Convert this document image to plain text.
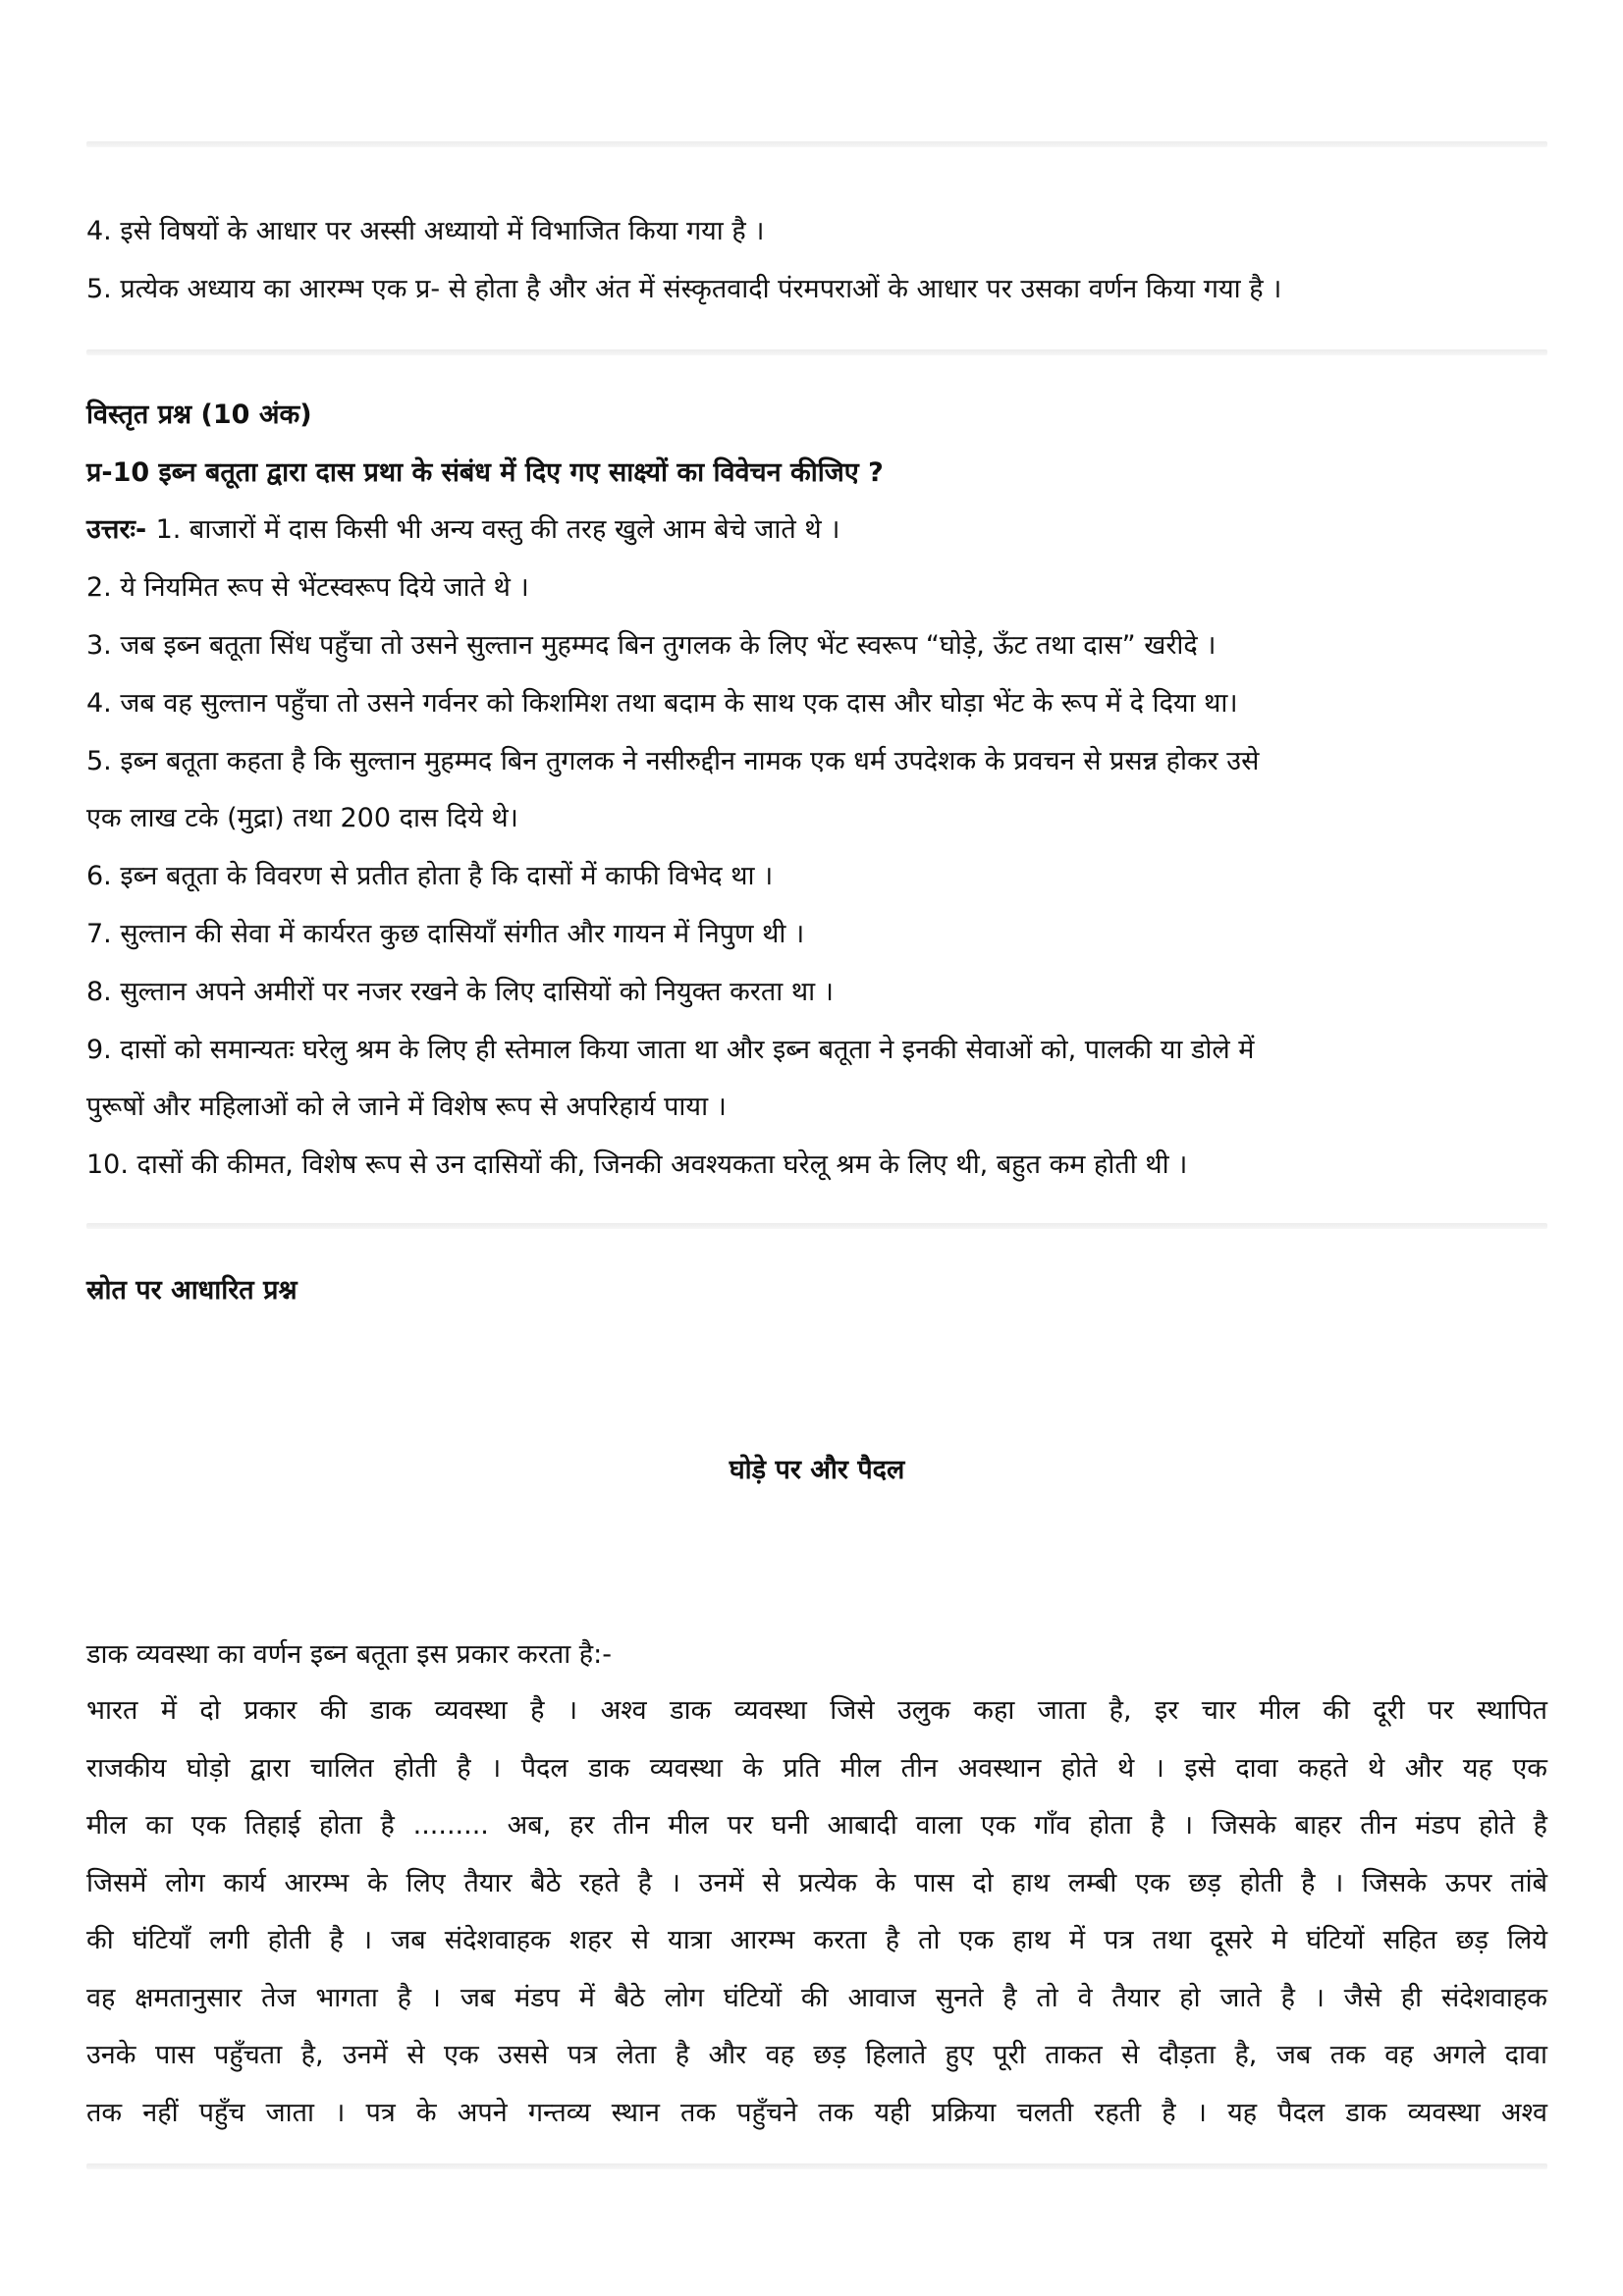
4. इसे विषयों के आधार पर अस्सी अध्यायो में विभाजित किया गया है ।
5. प्रत्येक अध्याय का आरम्भ एक प्र- से होता है और अंत में संस्कृतवादी पंरमपराओं के आधार पर उसका वर्णन किया गया है ।
विस्तृत प्रश्न (10 अंक)
प्र-10 इब्न बतूता द्वारा दास प्रथा के संबंध में दिए गए साक्ष्यों का विवेचन कीजिए ?
उत्तरः- 1. बाजारों में दास किसी भी अन्य वस्तु की तरह खुले आम बेचे जाते थे ।
2. ये नियमित रूप से भेंटस्वरूप दिये जाते थे ।
3. जब इब्न बतूता सिंध पहुँचा तो उसने सुल्तान मुहम्मद बिन तुगलक के लिए भेंट स्वरूप “घोड़े, ऊँट तथा दास” खरीदे ।
4. जब वह सुल्तान पहुँचा तो उसने गर्वनर को किशमिश तथा बदाम के साथ एक दास और घोड़ा भेंट के रूप में दे दिया था।
5. इब्न बतूता कहता है कि सुल्तान मुहम्मद बिन तुगलक ने नसीरुद्दीन नामक एक धर्म उपदेशक के प्रवचन से प्रसन्न होकर उसे
एक लाख टके (मुद्रा) तथा 200 दास दिये थे।
6. इब्न बतूता के विवरण से प्रतीत होता है कि दासों में काफी विभेद था ।
7. सुल्तान की सेवा में कार्यरत कुछ दासियाँ संगीत और गायन में निपुण थी ।
8. सुल्तान अपने अमीरों पर नजर रखने के लिए दासियों को नियुक्त करता था ।
9. दासों को समान्यतः घरेलु श्रम के लिए ही स्तेमाल किया जाता था और इब्न बतूता ने इनकी सेवाओं को, पालकी या डोले में
पुरूषों और महिलाओं को ले जाने में विशेष रूप से अपरिहार्य पाया ।
10. दासों की कीमत, विशेष रूप से उन दासियों की, जिनकी अवश्यकता घरेलू श्रम के लिए थी, बहुत कम होती थी ।
स्रोत पर आधारित प्रश्न
घोड़े पर और पैदल
डाक व्यवस्था का वर्णन इब्न बतूता इस प्रकार करता है:-
भारत में दो प्रकार की डाक व्यवस्था है । अश्व डाक व्यवस्था जिसे उलुक कहा जाता है, इर चार मील की दूरी पर स्थापित
राजकीय घोड़ो द्वारा चालित होती है । पैदल डाक व्यवस्था के प्रति मील तीन अवस्थान होते थे । इसे दावा कहते थे और यह एक
मील का एक तिहाई होता है ......... अब, हर तीन मील पर घनी आबादी वाला एक गाँव होता है । जिसके बाहर तीन मंडप होते है
जिसमें लोग कार्य आरम्भ के लिए तैयार बैठे रहते है । उनमें से प्रत्येक के पास दो हाथ लम्बी एक छड़ होती है । जिसके ऊपर तांबे
की घंटियाँ लगी होती है । जब संदेशवाहक शहर से यात्रा आरम्भ करता है तो एक हाथ में पत्र तथा दूसरे मे घंटियों सहित छड़ लिये
वह क्षमतानुसार तेज भागता है । जब मंडप में बैठे लोग घंटियों की आवाज सुनते है तो वे तैयार हो जाते है । जैसे ही संदेशवाहक
उनके पास पहुँचता है, उनमें से एक उससे पत्र लेता है और वह छड़ हिलाते हुए पूरी ताकत से दौड़ता है, जब तक वह अगले दावा
तक नहीं पहुँच जाता । पत्र के अपने गन्तव्य स्थान तक पहुँचने तक यही प्रक्रिया चलती रहती है । यह पैदल डाक व्यवस्था अश्व
